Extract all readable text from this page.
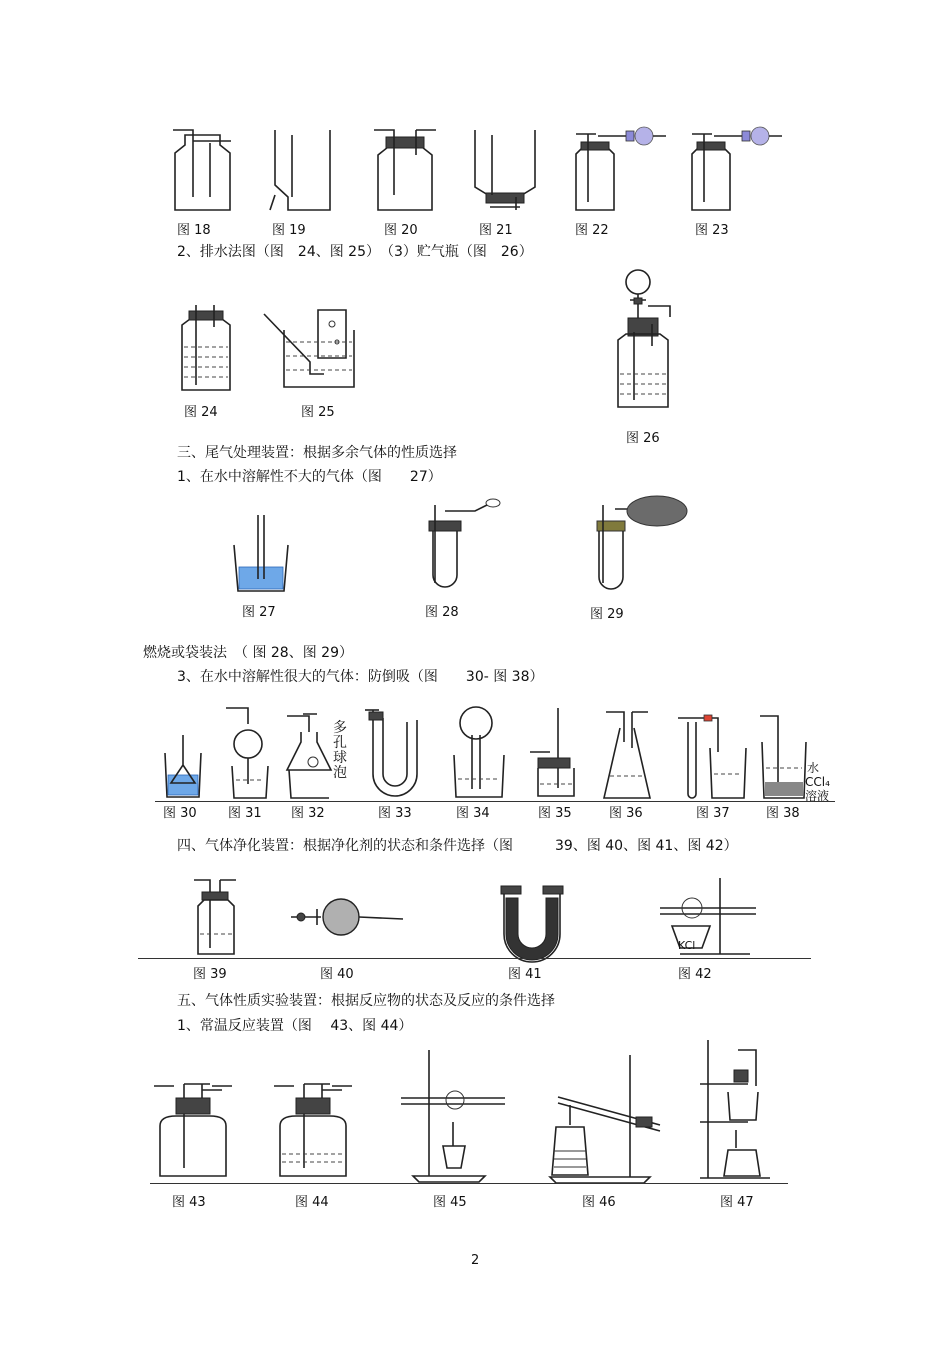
图 18	图 19	图 20	图 21	图 22	图 23
2、排水法图（图　24、图 25）　（3）贮气瓶（图　26）
图 24	图 25
图 26
三、尾气处理装置：根据多余气体的性质选择
1、在水中溶解性不大的气体（图　　27）
图 27	图 28	图 29
燃烧或袋装法　（ 图 28、图 29）
3、在水中溶解性很大的气体：防倒吸（图　　30- 图 38）
多孔球泡	水
CCl₄
溶液
图 30 图 31 图 32	图 33	图 34	图 35	图 36	图 37	图 38
四、气体净化装置：根据净化剂的状态和条件选择（图　　　39、图 40、图 41、图 42）
KCl
图 39	图 40	图 41	图 42
五、气体性质实验装置：根据反应物的状态及反应的条件选择
1、常温反应装置（图　 43、图 44）
图 43	图 44	图 45	图 46	图 47
2
